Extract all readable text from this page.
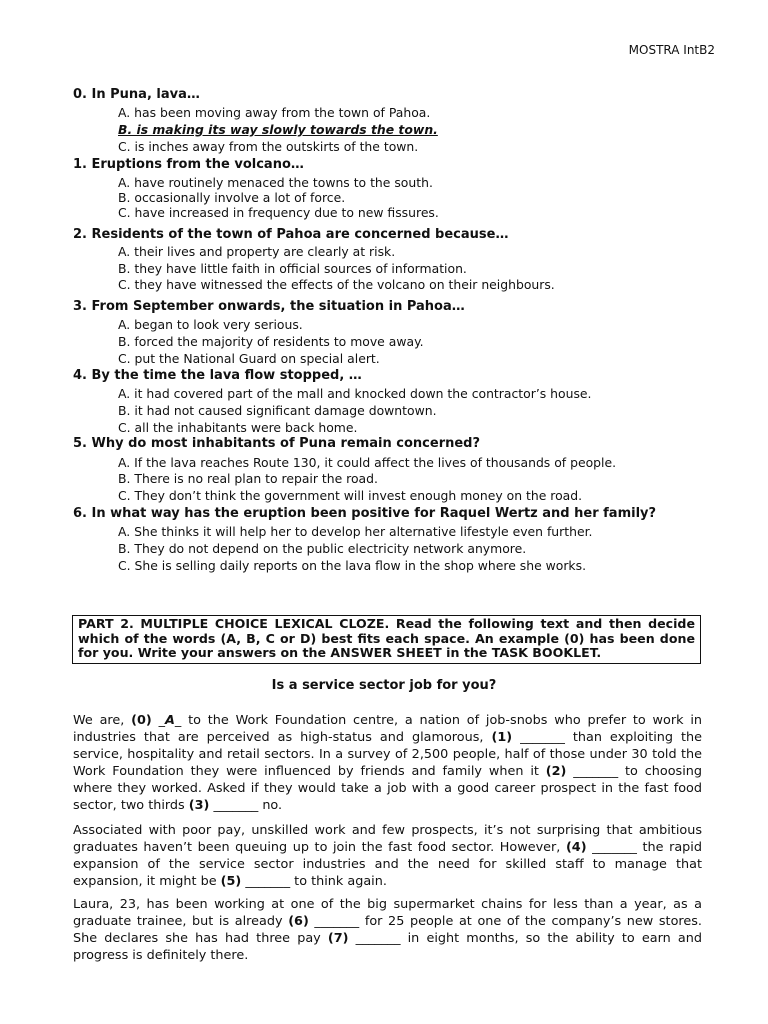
MOSTRA IntB2
0. In Puna, lava…
A. has been moving away from the town of Pahoa.
B. is making its way slowly towards the town.
C. is inches away from the outskirts of the town.
1. Eruptions from the volcano…
A. have routinely menaced the towns to the south.
B. occasionally involve a lot of force.
C. have increased in frequency due to new fissures.
2. Residents of the town of Pahoa are concerned because…
A. their lives and property are clearly at risk.
B. they have little faith in official sources of information.
C. they have witnessed the effects of the volcano on their neighbours.
3. From September onwards, the situation in Pahoa…
A. began to look very serious.
B. forced the majority of residents to move away.
C. put the National Guard on special alert.
4. By the time the lava flow stopped, …
A. it had covered part of the mall and knocked down the contractor’s house.
B. it had not caused significant damage downtown.
C. all the inhabitants were back home.
5. Why do most inhabitants of Puna remain concerned?
A. If the lava reaches Route 130, it could affect the lives of thousands of people.
B. There is no real plan to repair the road.
C. They don’t think the government will invest enough money on the road.
6. In what way has the eruption been positive for Raquel Wertz and her family?
A. She thinks it will help her to develop her alternative lifestyle even further.
B. They do not depend on the public electricity network anymore.
C. She is selling daily reports on the lava flow in the shop where she works.
PART 2. MULTIPLE CHOICE LEXICAL CLOZE. Read the following text and then decide which of the words (A, B, C or D) best fits each space. An example (0) has been done for you. Write your answers on the ANSWER SHEET in the TASK BOOKLET.
Is a service sector job for you?
We are, (0) _A_ to the Work Foundation centre, a nation of job-snobs who prefer to work in industries that are perceived as high-status and glamorous, (1) _______ than exploiting the service, hospitality and retail sectors. In a survey of 2,500 people, half of those under 30 told the Work Foundation they were influenced by friends and family when it (2) _______ to choosing where they worked. Asked if they would take a job with a good career prospect in the fast food sector, two thirds (3) _______ no.
Associated with poor pay, unskilled work and few prospects, it’s not surprising that ambitious graduates haven’t been queuing up to join the fast food sector. However, (4) _______ the rapid expansion of the service sector industries and the need for skilled staff to manage that expansion, it might be (5) _______ to think again.
Laura, 23, has been working at one of the big supermarket chains for less than a year, as a graduate trainee, but is already (6) _______ for 25 people at one of the company’s new stores. She declares she has had three pay (7) _______ in eight months, so the ability to earn and progress is definitely there.
